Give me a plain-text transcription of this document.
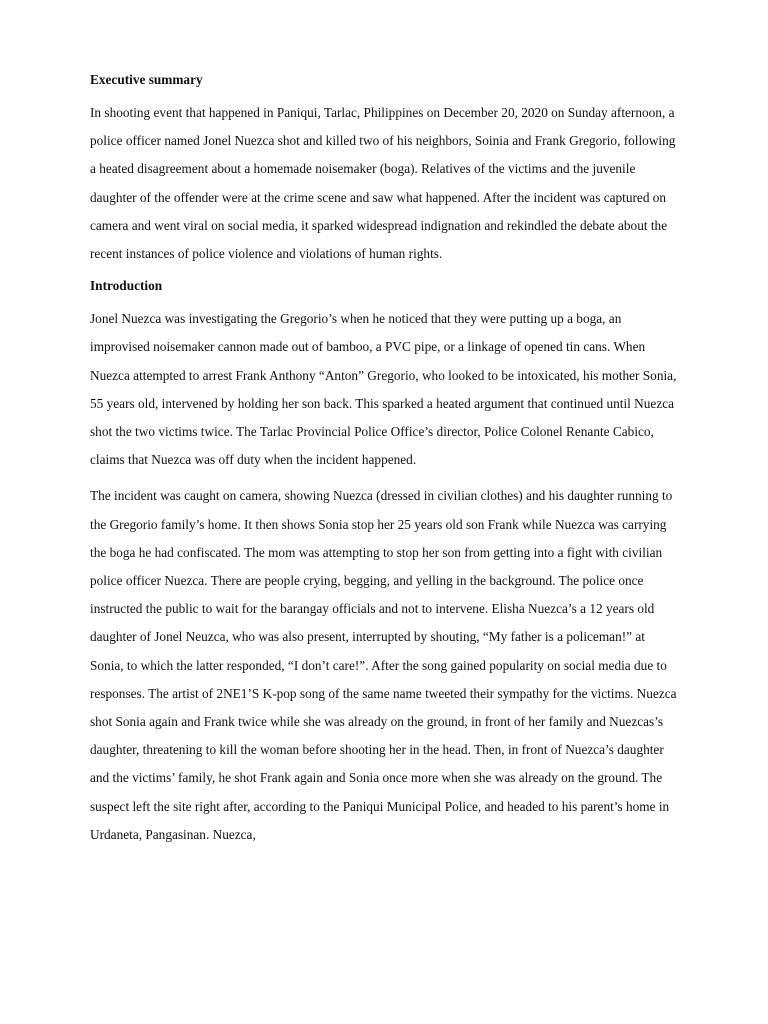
Executive summary

In shooting event that happened in Paniqui, Tarlac, Philippines on December 20, 2020 on Sunday afternoon, a police officer named Jonel Nuezca shot and killed two of his neighbors, Soinia and Frank Gregorio, following a heated disagreement about a homemade noisemaker (boga). Relatives of the victims and the juvenile daughter of the offender were at the crime scene and saw what happened. After the incident was captured on camera and went viral on social media, it sparked widespread indignation and rekindled the debate about the recent instances of police violence and violations of human rights.

Introduction

Jonel Nuezca was investigating the Gregorio’s when he noticed that they were putting up a boga, an improvised noisemaker cannon made out of bamboo, a PVC pipe, or a linkage of opened tin cans. When Nuezca attempted to arrest Frank Anthony “Anton” Gregorio, who looked to be intoxicated, his mother Sonia, 55 years old, intervened by holding her son back. This sparked a heated argument that continued until Nuezca shot the two victims twice. The Tarlac Provincial Police Office’s director, Police Colonel Renante Cabico, claims that Nuezca was off duty when the incident happened.

The incident was caught on camera, showing Nuezca (dressed in civilian clothes) and his daughter running to the Gregorio family’s home. It then shows Sonia stop her 25 years old son Frank while Nuezca was carrying the boga he had confiscated. The mom was attempting to stop her son from getting into a fight with civilian police officer Nuezca. There are people crying, begging, and yelling in the background. The police once instructed the public to wait for the barangay officials and not to intervene. Elisha Nuezca’s a 12 years old daughter of Jonel Neuzca, who was also present, interrupted by shouting, “My father is a policeman!” at Sonia, to which the latter responded, “I don’t care!”. After the song gained popularity on social media due to responses. The artist of 2NE1’S K-pop song of the same name tweeted their sympathy for the victims. Nuezca shot Sonia again and Frank twice while she was already on the ground, in front of her family and Nuezcas’s daughter, threatening to kill the woman before shooting her in the head. Then, in front of Nuezca’s daughter and the victims’ family, he shot Frank again and Sonia once more when she was already on the ground. The suspect left the site right after, according to the Paniqui Municipal Police, and headed to his parent’s home in Urdaneta, Pangasinan. Nuezca,
